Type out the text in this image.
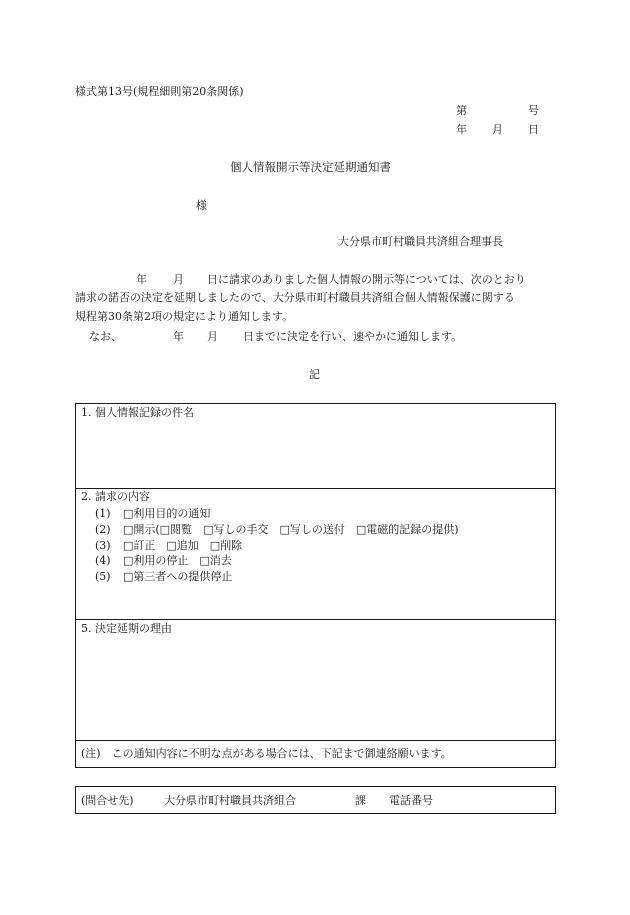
様式第13号(規程細則第20条関係)
第	号
年 月 日
個人情報開示等決定延期通知書
様
大分県市町村職員共済組合理事長
年 月 日に請求のありました個人情報の開示等については、次のとおり
請求の諾否の決定を延期しましたので、大分県市町村職員共済組合個人情報保護に関する
規程第30条第2項の規定により通知します。
なお、	年 月 日までに決定を行い、速やかに通知します。
記
1. 個人情報記録の件名
2. 請求の内容
(1) □利用目的の通知
(2) □開示(□閲覧　□写しの手交　□写しの送付　□電磁的記録の提供)
(3) □訂正　□追加　□削除
(4) □利用の停止　□消去
(5) □第三者への提供停止
5. 決定延期の理由
(注)　この通知内容に不明な点がある場合には、下記まで御連絡願います。
(問合せ先)	大分県市町村職員共済組合	課 電話番号
